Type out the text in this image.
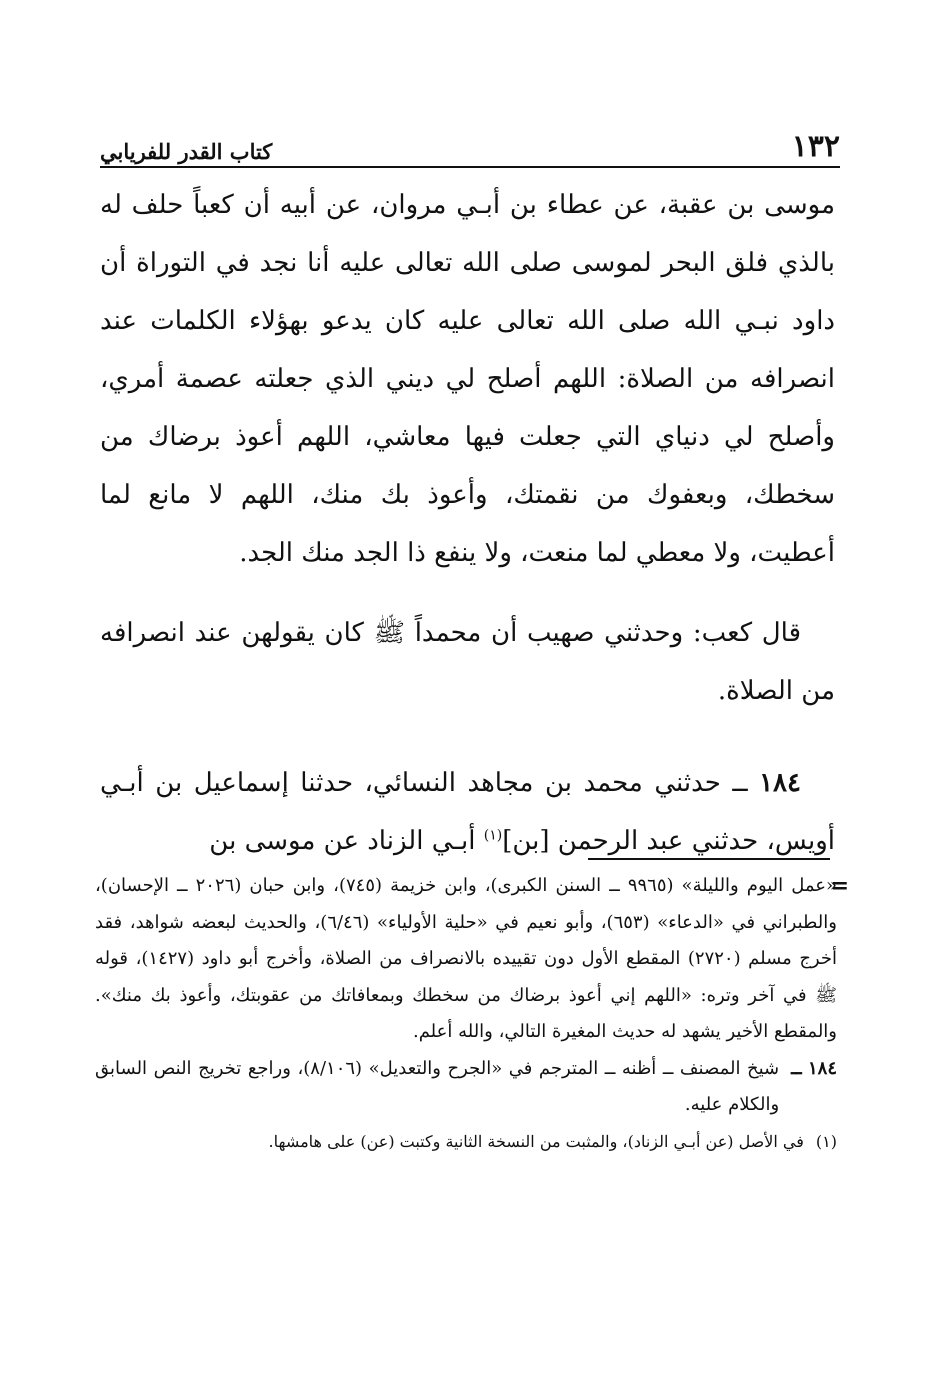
١٣٢
كتاب القدر للفريابي

موسى بن عقبة، عن عطاء بن أبـي مروان، عن أبيه أن كعباً حلف له بالذي فلق البحر لموسى صلى الله تعالى عليه أنا نجد في التوراة أن داود نبـي الله صلى الله تعالى عليه كان يدعو بهؤلاء الكلمات عند انصرافه من الصلاة: اللهم أصلح لي ديني الذي جعلته عصمة أمري، وأصلح لي دنياي التي جعلت فيها معاشي، اللهم أعوذ برضاك من سخطك، وبعفوك من نقمتك، وأعوذ بك منك، اللهم لا مانع لما أعطيت، ولا معطي لما منعت، ولا ينفع ذا الجد منك الجد.

قال كعب: وحدثني صهيب أن محمداً ﷺ كان يقولهن عند انصرافه من الصلاة.

١٨٤ ــ حدثني محمد بن مجاهد النسائي، حدثنا إسماعيل بن أبـي أويس، حدثني عبد الرحمن [بن]$^{(١)}$ أبـي الزناد عن موسى بن

=
«عمل اليوم والليلة» (٩٩٦٥ ــ السنن الكبرى)، وابن خزيمة (٧٤٥)، وابن حبان (٢٠٢٦ ــ الإحسان)، والطبراني في «الدعاء» (٦٥٣)، وأبو نعيم في «حلية الأولياء» (٦/٤٦)، والحديث لبعضه شواهد، فقد أخرج مسلم (٢٧٢٠) المقطع الأول دون تقييده بالانصراف من الصلاة، وأخرج أبو داود (١٤٢٧)، قوله ﷺ في آخر وتره: «اللهم إني أعوذ برضاك من سخطك وبمعافاتك من عقوبتك، وأعوذ بك منك». والمقطع الأخير يشهد له حديث المغيرة التالي، والله أعلم.

١٨٤ ــ
شيخ المصنف ــ أظنه ــ المترجم في «الجرح والتعديل» (٨/١٠٦)، وراجع تخريج النص السابق والكلام عليه.
(١)
في الأصل (عن أبـي الزناد)، والمثبت من النسخة الثانية وكتبت (عن) على هامشها.
